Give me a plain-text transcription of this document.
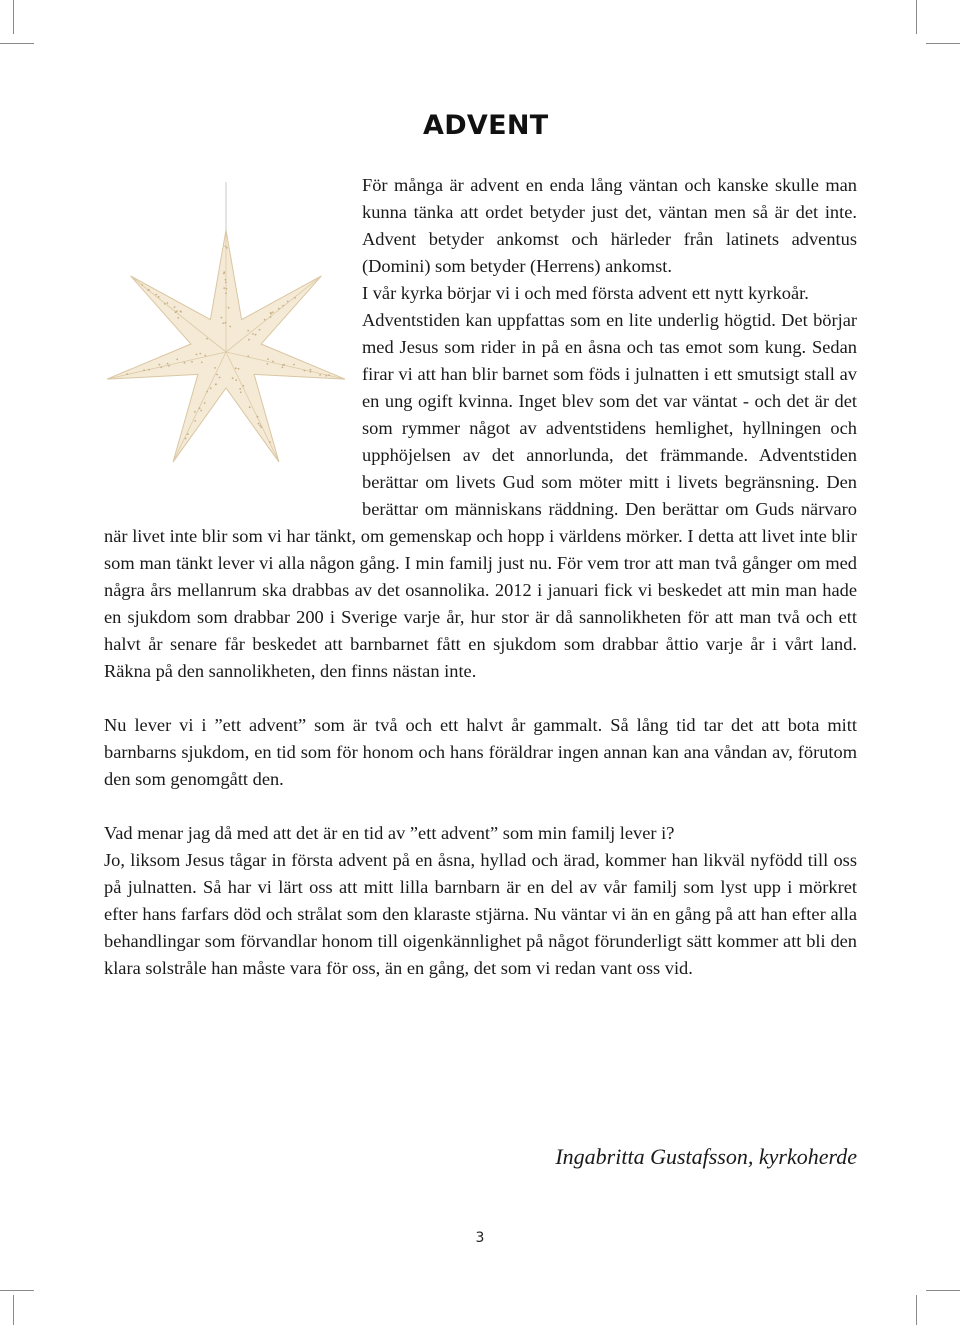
ADVENT

För många är advent en enda lång väntan och kanske skulle man kunna tänka att ordet betyder just det, väntan men så är det inte. Advent betyder ankomst och härleder från latinets adventus (Domini) som betyder (Herrens) ankomst.

I vår kyrka börjar vi i och med första advent ett nytt kyrkoår.

Adventstiden kan uppfattas som en lite underlig högtid. Det börjar med Jesus som rider in på en åsna och tas emot som kung. Sedan firar vi att han blir barnet som föds i julnatten i ett smutsigt stall av en ung ogift kvinna. Inget blev som det var väntat - och det är det som rymmer något av adventstidens hemlighet, hyllningen och upphöjelsen av det annorlunda, det främmande. Adventstiden berättar om livets Gud som möter mitt i livets begränsning. Den berättar om människans räddning. Den berättar om Guds närvaro när livet inte blir som vi har tänkt, om gemenskap och hopp i världens mörker. I detta att livet inte blir som man tänkt lever vi alla någon gång. I min familj just nu. För vem tror att man två gånger om med några års mellanrum ska drabbas av det osannolika. 2012 i januari fick vi beskedet att min man hade en sjukdom som drabbar 200 i Sverige varje år, hur stor är då sannolikheten för att man två och ett halvt år senare får beskedet att barnbarnet fått en sjukdom som drabbar åttio varje år i vårt land. Räkna på den sannolikheten, den finns nästan inte.

Nu lever vi i ”ett advent” som är två och ett halvt år gammalt. Så lång tid tar det att bota mitt barnbarns sjukdom, en tid som för honom och hans föräldrar ingen annan kan ana våndan av, förutom den som genomgått den.

Vad menar jag då med att det är en tid av ”ett advent” som min familj lever i?

Jo, liksom Jesus tågar in första advent på en åsna, hyllad och ärad, kommer han likväl nyfödd till oss på julnatten. Så har vi lärt oss att mitt lilla barnbarn är en del av vår familj som lyst upp i mörkret efter hans farfars död och strålat som den klaraste stjärna. Nu väntar vi än en gång på att han efter alla behandlingar som förvandlar honom till oigenkännlighet på något förunderligt sätt kommer att bli den klara solstråle han måste vara för oss, än en gång, det som vi redan vant oss vid.

Ingabritta Gustafsson, kyrkoherde

3
